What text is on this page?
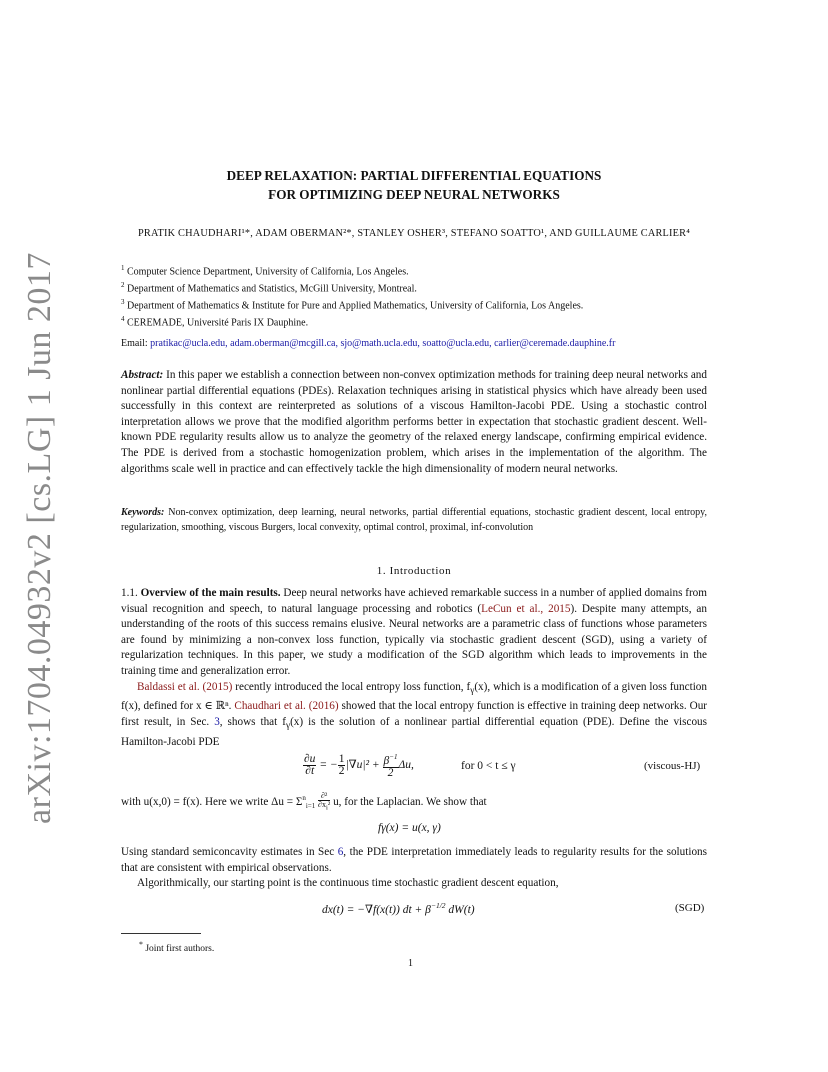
arXiv:1704.04932v2 [cs.LG] 1 Jun 2017
DEEP RELAXATION: PARTIAL DIFFERENTIAL EQUATIONS
FOR OPTIMIZING DEEP NEURAL NETWORKS
PRATIK CHAUDHARI¹*, ADAM OBERMAN²*, STANLEY OSHER³, STEFANO SOATTO¹, AND GUILLAUME CARLIER⁴
$^1$ Computer Science Department, University of California, Los Angeles.
$^2$ Department of Mathematics and Statistics, McGill University, Montreal.
$^3$ Department of Mathematics & Institute for Pure and Applied Mathematics, University of California, Los Angeles.
$^4$ CEREMADE, Université Paris IX Dauphine.
Email: pratikac@ucla.edu, adam.oberman@mcgill.ca, sjo@math.ucla.edu, soatto@ucla.edu, carlier@ceremade.dauphine.fr

Abstract: In this paper we establish a connection between non-convex optimization methods for training deep neural networks and nonlinear partial differential equations (PDEs). Relaxation techniques arising in statistical physics which have already been used successfully in this context are reinterpreted as solutions of a viscous Hamilton-Jacobi PDE. Using a stochastic control interpretation allows we prove that the modified algorithm performs better in expectation that stochastic gradient descent. Well-known PDE regularity results allow us to analyze the geometry of the relaxed energy landscape, confirming empirical evidence. The PDE is derived from a stochastic homogenization problem, which arises in the implementation of the algorithm. The algorithms scale well in practice and can effectively tackle the high dimensionality of modern neural networks.

Keywords: Non-convex optimization, deep learning, neural networks, partial differential equations, stochastic gradient descent, local entropy, regularization, smoothing, viscous Burgers, local convexity, optimal control, proximal, inf-convolution
1. Introduction

1.1. Overview of the main results. Deep neural networks have achieved remarkable success in a number of applied domains from visual recognition and speech, to natural language processing and robotics (LeCun et al., 2015). Despite many attempts, an understanding of the roots of this success remains elusive. Neural networks are a parametric class of functions whose parameters are found by minimizing a non-convex loss function, typically via stochastic gradient descent (SGD), using a variety of regularization techniques. In this paper, we study a modification of the SGD algorithm which leads to improvements in the training time and generalization error.

Baldassi et al. (2015) recently introduced the local entropy loss function, $f_\gamma(x)$, which is a modification of a given loss function f(x), defined for x ∈ ℝⁿ. Chaudhari et al. (2016) showed that the local entropy function is effective in training deep networks. Our first result, in Sec. 3, shows that $f_\gamma(x)$ is the solution of a nonlinear partial differential equation (PDE). Define the viscous Hamilton-Jacobi PDE

$\frac{\partial u}{\partial t}$ = − $\frac{1}{2} |\nabla u|^2 + \frac{\beta^{-1}}{2} \Delta u$,	for 0 < t ≤ γ	(viscous-HJ)
with u(x,0) = f(x). Here we write $\Delta u = \Sigma^n_{i=1} \frac{\text{∂²}}{\partial x_i^2} u$, for the Laplacian. We show that
fγ(x) = u(x, γ)

Using standard semiconcavity estimates in Sec 6, the PDE interpretation immediately leads to regularity results for the solutions that are consistent with empirical observations.

Algorithmically, our starting point is the continuous time stochastic gradient descent equation,

dx(t) = −∇f(x(t)) dt + $\beta^{-1/2}$ dW(t)	(SGD)
* Joint first authors.
1
